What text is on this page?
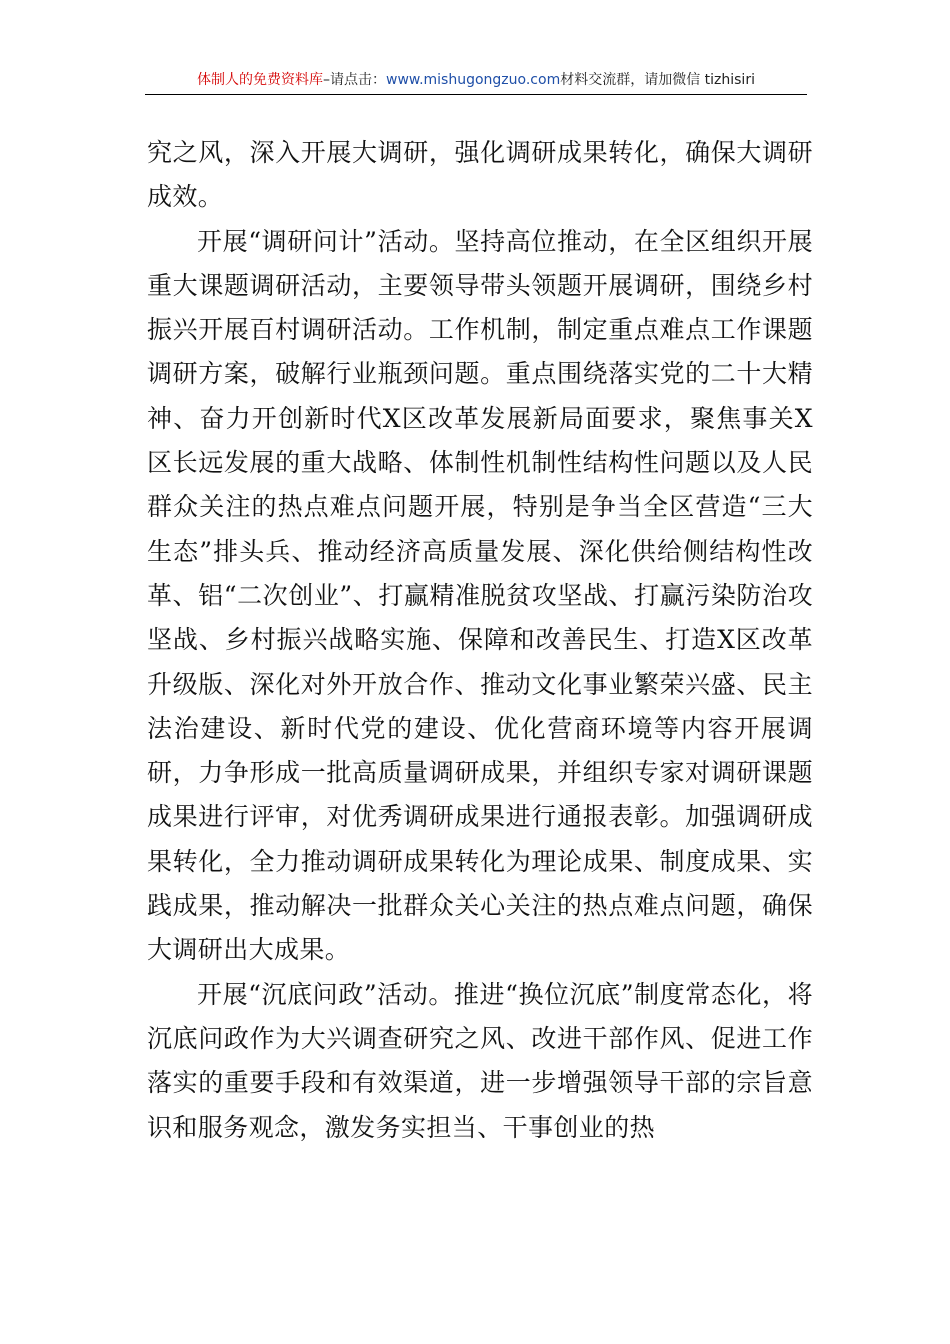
体制人的免费资料库–请点击：www.mishugongzuo.com材料交流群，请加微信 tizhisiri

究之风，深入开展大调研，强化调研成果转化，确保大调研成效。

开展“调研问计”活动。坚持高位推动，在全区组织开展重大课题调研活动，主要领导带头领题开展调研，围绕乡村振兴开展百村调研活动。工作机制，制定重点难点工作课题调研方案，破解行业瓶颈问题。重点围绕落实党的二十大精神、奋力开创新时代X区改革发展新局面要求，聚焦事关X区长远发展的重大战略、体制性机制性结构性问题以及人民群众关注的热点难点问题开展，特别是争当全区营造“三大生态”排头兵、推动经济高质量发展、深化供给侧结构性改革、铝“二次创业”、打赢精准脱贫攻坚战、打赢污染防治攻坚战、乡村振兴战略实施、保障和改善民生、打造X区改革升级版、深化对外开放合作、推动文化事业繁荣兴盛、民主法治建设、新时代党的建设、优化营商环境等内容开展调研，力争形成一批高质量调研成果，并组织专家对调研课题成果进行评审，对优秀调研成果进行通报表彰。加强调研成果转化，全力推动调研成果转化为理论成果、制度成果、实践成果，推动解决一批群众关心关注的热点难点问题，确保大调研出大成果。

开展“沉底问政”活动。推进“换位沉底”制度常态化，将沉底问政作为大兴调查研究之风、改进干部作风、促进工作落实的重要手段和有效渠道，进一步增强领导干部的宗旨意识和服务观念，激发务实担当、干事创业的热
